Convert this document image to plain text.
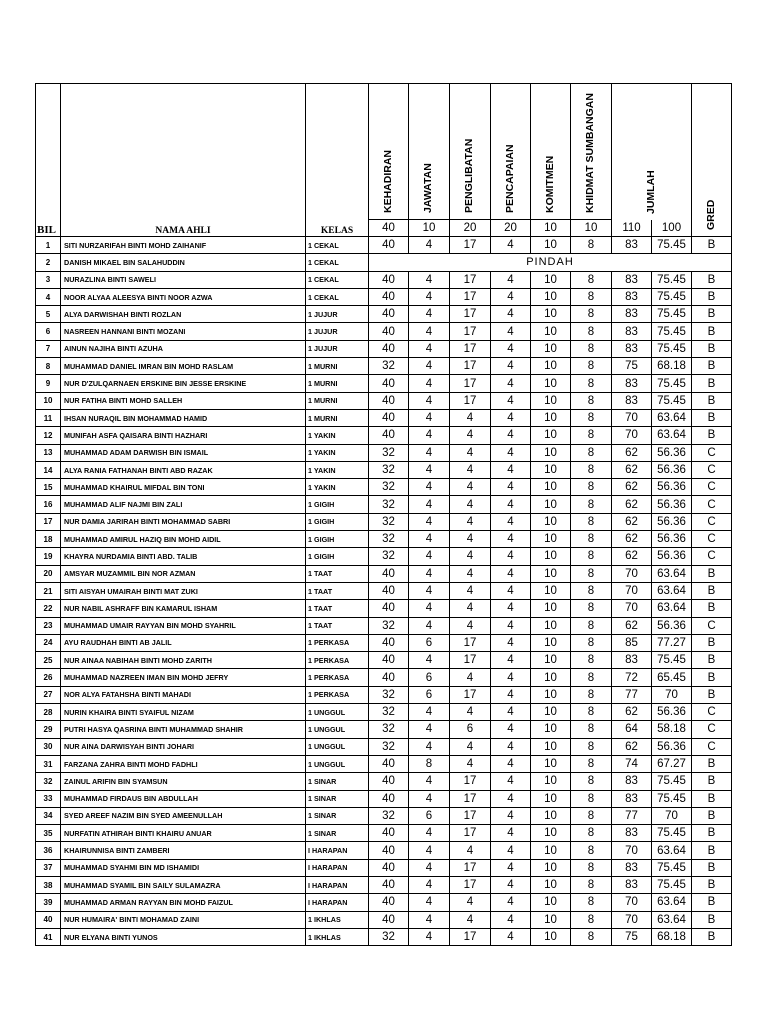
BIL	NAMA AHLI	KELAS	KEHADIRAN	JAWATAN	PENGLIBATAN	PENCAPAIAN	KOMITMEN	KHIDMAT SUMBANGAN	JUMLAH		GRED

			40	10	20	20	10	10	110	100	
1	SITI NURZARIFAH BINTI MOHD ZAIHANIF	1 CEKAL	40	4	17	4	10	8	83	75.45	B
2	DANISH MIKAEL BIN SALAHUDDIN	1 CEKAL	PINDAH								
3	NURAZLINA BINTI SAWELI	1 CEKAL	40	4	17	4	10	8	83	75.45	B
4	NOOR ALYAA ALEESYA BINTI NOOR AZWA	1 CEKAL	40	4	17	4	10	8	83	75.45	B
5	ALYA DARWISHAH BINTI ROZLAN	1 JUJUR	40	4	17	4	10	8	83	75.45	B
6	NASREEN HANNANI BINTI MOZANI	1 JUJUR	40	4	17	4	10	8	83	75.45	B
7	AINUN NAJIHA BINTI AZUHA	1 JUJUR	40	4	17	4	10	8	83	75.45	B
8	MUHAMMAD DANIEL IMRAN BIN MOHD RASLAM	1 MURNI	32	4	17	4	10	8	75	68.18	B
9	NUR D'ZULQARNAEN ERSKINE BIN JESSE ERSKINE	1 MURNI	40	4	17	4	10	8	83	75.45	B
10	NUR FATIHA BINTI MOHD SALLEH	1 MURNI	40	4	17	4	10	8	83	75.45	B
11	IHSAN NURAQIL BIN MOHAMMAD HAMID	1 MURNI	40	4	4	4	10	8	70	63.64	B
12	MUNIFAH ASFA QAISARA BINTI HAZHARI	1 YAKIN	40	4	4	4	10	8	70	63.64	B
13	MUHAMMAD ADAM DARWISH BIN ISMAIL	1 YAKIN	32	4	4	4	10	8	62	56.36	C
14	ALYA RANIA FATHANAH BINTI ABD RAZAK	1 YAKIN	32	4	4	4	10	8	62	56.36	C
15	MUHAMMAD KHAIRUL MIFDAL BIN TONI	1 YAKIN	32	4	4	4	10	8	62	56.36	C
16	MUHAMMAD ALIF NAJMI BIN ZALI	1 GIGIH	32	4	4	4	10	8	62	56.36	C
17	NUR DAMIA JARIRAH BINTI MOHAMMAD SABRI	1 GIGIH	32	4	4	4	10	8	62	56.36	C
18	MUHAMMAD AMIRUL HAZIQ BIN MOHD AIDIL	1 GIGIH	32	4	4	4	10	8	62	56.36	C
19	KHAYRA NURDAMIA BINTI ABD. TALIB	1 GIGIH	32	4	4	4	10	8	62	56.36	C
20	AMSYAR MUZAMMIL BIN NOR AZMAN	1 TAAT	40	4	4	4	10	8	70	63.64	B
21	SITI AISYAH UMAIRAH BINTI MAT ZUKI	1 TAAT	40	4	4	4	10	8	70	63.64	B
22	NUR NABIL ASHRAFF BIN KAMARUL ISHAM	1 TAAT	40	4	4	4	10	8	70	63.64	B
23	MUHAMMAD UMAIR RAYYAN BIN MOHD SYAHRIL	1 TAAT	32	4	4	4	10	8	62	56.36	C
24	AYU RAUDHAH BINTI AB JALIL	1 PERKASA	40	6	17	4	10	8	85	77.27	B
25	NUR AINAA NABIHAH BINTI MOHD ZARITH	1 PERKASA	40	4	17	4	10	8	83	75.45	B
26	MUHAMMAD NAZREEN IMAN BIN MOHD JEFRY	1 PERKASA	40	6	4	4	10	8	72	65.45	B
27	NOR ALYA FATAHSHA BINTI MAHADI	1 PERKASA	32	6	17	4	10	8	77	70	B
28	NURIN KHAIRA BINTI SYAIFUL NIZAM	1 UNGGUL	32	4	4	4	10	8	62	56.36	C
29	PUTRI HASYA QASRINA BINTI MUHAMMAD SHAHIR	1 UNGGUL	32	4	6	4	10	8	64	58.18	C
30	NUR AINA DARWISYAH BINTI JOHARI	1 UNGGUL	32	4	4	4	10	8	62	56.36	C
31	FARZANA ZAHRA BINTI MOHD FADHLI	1 UNGGUL	40	8	4	4	10	8	74	67.27	B
32	ZAINUL ARIFIN BIN SYAMSUN	1 SINAR	40	4	17	4	10	8	83	75.45	B
33	MUHAMMAD FIRDAUS BIN ABDULLAH	1 SINAR	40	4	17	4	10	8	83	75.45	B
34	SYED AREEF NAZIM BIN SYED AMEENULLAH	1 SINAR	32	6	17	4	10	8	77	70	B
35	NURFATIN ATHIRAH BINTI KHAIRU ANUAR	1 SINAR	40	4	17	4	10	8	83	75.45	B
36	KHAIRUNNISA BINTI ZAMBERI	I HARAPAN	40	4	4	4	10	8	70	63.64	B
37	MUHAMMAD SYAHMI BIN MD ISHAMIDI	I HARAPAN	40	4	17	4	10	8	83	75.45	B
38	MUHAMMAD SYAMIL BIN SAILY SULAMAZRA	I HARAPAN	40	4	17	4	10	8	83	75.45	B
39	MUHAMMAD ARMAN RAYYAN BIN MOHD FAIZUL	I HARAPAN	40	4	4	4	10	8	70	63.64	B
40	NUR HUMAIRA' BINTI MOHAMAD ZAINI	1 IKHLAS	40	4	4	4	10	8	70	63.64	B
41	NUR ELYANA BINTI YUNOS	1 IKHLAS	32	4	17	4	10	8	75	68.18	B
